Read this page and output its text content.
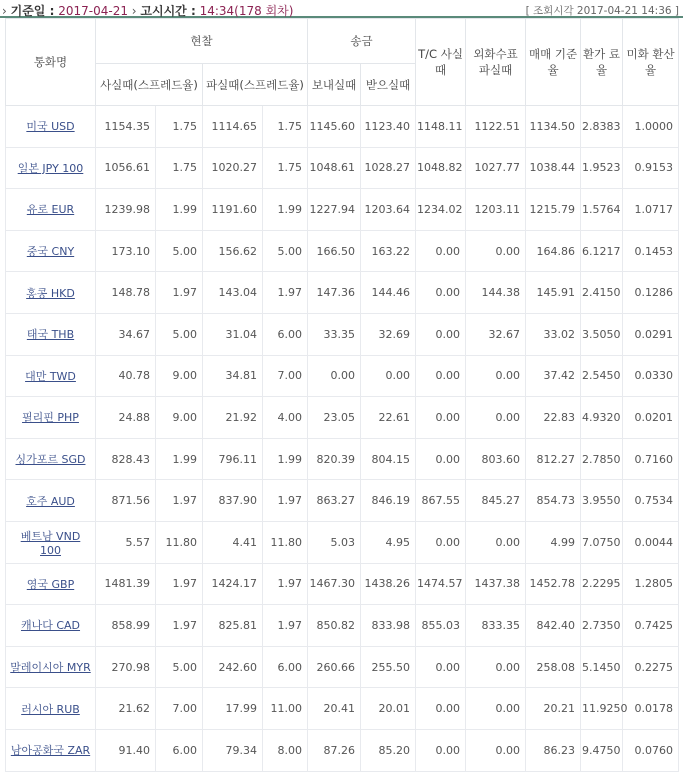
› 기준일 : 2017-04-21 › 고시시간 : 14:34(178 회차)	[ 조회시각 2017-04-21 14:36 ]
통화명	현찰				송금		T/C 사실때	외화수표 파실때	매매 기준율	환가 료율	미화 환산율
	사실때(스프레드율)		파실때(스프레드율)		보내실때	받으실때					
미국 USD	1154.35	1.75	1114.65	1.75	1145.60	1123.40	1148.11	1122.51	1134.50	2.8383	1.0000
일본 JPY 100	1056.61	1.75	1020.27	1.75	1048.61	1028.27	1048.82	1027.77	1038.44	1.9523	0.9153
유로 EUR	1239.98	1.99	1191.60	1.99	1227.94	1203.64	1234.02	1203.11	1215.79	1.5764	1.0717
중국 CNY	173.10	5.00	156.62	5.00	166.50	163.22	0.00	0.00	164.86	6.1217	0.1453
홍콩 HKD	148.78	1.97	143.04	1.97	147.36	144.46	0.00	144.38	145.91	2.4150	0.1286
태국 THB	34.67	5.00	31.04	6.00	33.35	32.69	0.00	32.67	33.02	3.5050	0.0291
대만 TWD	40.78	9.00	34.81	7.00	0.00	0.00	0.00	0.00	37.42	2.5450	0.0330
필리핀 PHP	24.88	9.00	21.92	4.00	23.05	22.61	0.00	0.00	22.83	4.9320	0.0201
싱가포르 SGD	828.43	1.99	796.11	1.99	820.39	804.15	0.00	803.60	812.27	2.7850	0.7160
호주 AUD	871.56	1.97	837.90	1.97	863.27	846.19	867.55	845.27	854.73	3.9550	0.7534
베트남 VND 100	5.57	11.80	4.41	11.80	5.03	4.95	0.00	0.00	4.99	7.0750	0.0044
영국 GBP	1481.39	1.97	1424.17	1.97	1467.30	1438.26	1474.57	1437.38	1452.78	2.2295	1.2805
캐나다 CAD	858.99	1.97	825.81	1.97	850.82	833.98	855.03	833.35	842.40	2.7350	0.7425
말레이시아 MYR	270.98	5.00	242.60	6.00	260.66	255.50	0.00	0.00	258.08	5.1450	0.2275
러시아 RUB	21.62	7.00	17.99	11.00	20.41	20.01	0.00	0.00	20.21	11.9250	0.0178
남아공화국 ZAR	91.40	6.00	79.34	8.00	87.26	85.20	0.00	0.00	86.23	9.4750	0.0760
